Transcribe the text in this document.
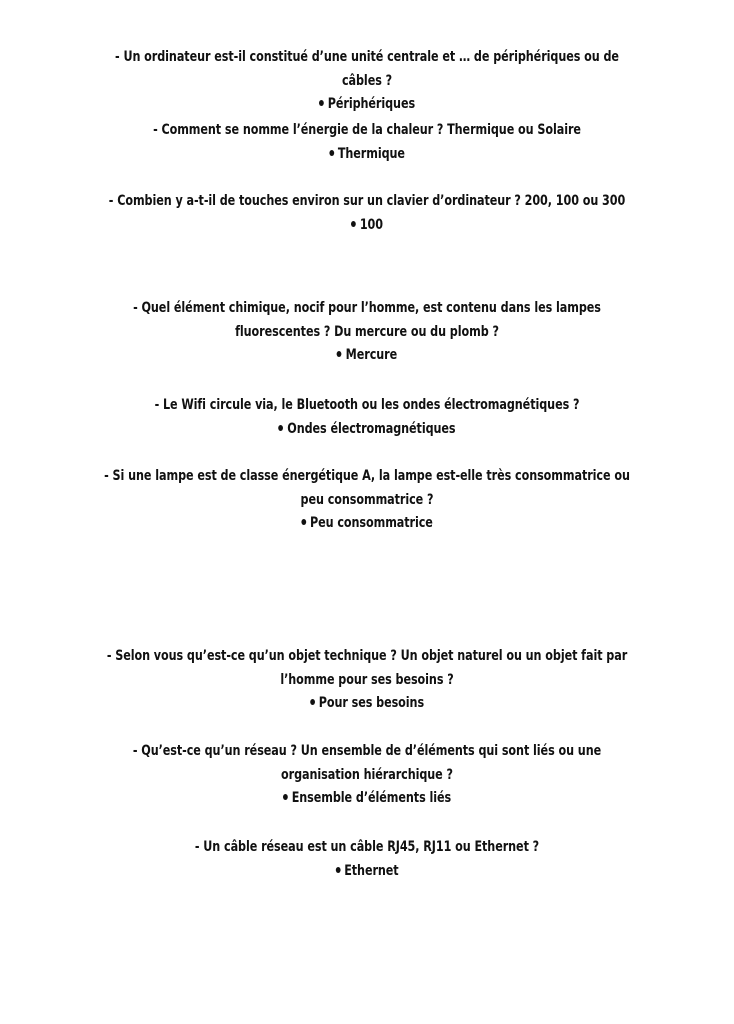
- Un ordinateur est-il constitué d’une unité centrale et … de périphériques ou de câbles ?
Périphériques
- Comment se nomme l’énergie de la chaleur ? Thermique ou Solaire
Thermique
- Combien y a-t-il de touches environ sur un clavier d’ordinateur ? 200, 100 ou 300
100
- Quel élément chimique, nocif pour l’homme, est contenu dans les lampes fluorescentes ? Du mercure ou du plomb ?
Mercure
- Le Wifi circule via, le Bluetooth ou les ondes électromagnétiques ?
Ondes électromagnétiques
- Si une lampe est de classe énergétique A, la lampe est-elle très consommatrice ou peu consommatrice ?
Peu consommatrice
- Selon vous qu’est-ce qu’un objet technique ? Un objet naturel ou un objet fait par l’homme pour ses besoins ?
Pour ses besoins
- Qu’est-ce qu’un réseau ? Un ensemble de d’éléments qui sont liés ou une organisation hiérarchique ?
Ensemble d’éléments liés
- Un câble réseau est un câble RJ45, RJ11 ou Ethernet ?
Ethernet
